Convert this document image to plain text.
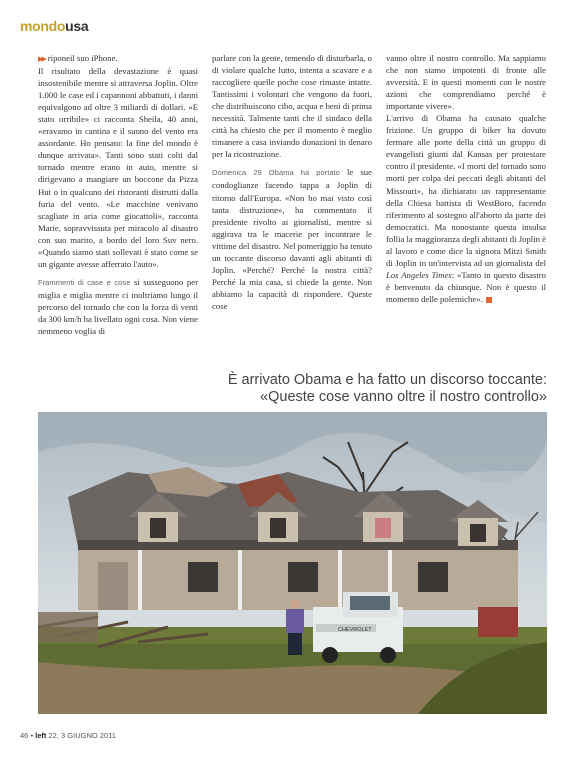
mondousa

▶▶ riponeil suo iPhone.
Il risultato della devastazione è quasi insostenibile mentre si attraversa Joplin. Oltre 1.000 le case ed i capannoni abbattuti, i danni equivalgono ad oltre 3 miliardi di dollari. «E stato orribile» ci racconta Sheila, 40 anni, «eravamo in cantina e il suono del vento era assordante. Ho pensato: la fine del mondo è dunque arrivata». Tanti sono stati colti dal tornado mentre erano in auto, mentre si dirigevano a mangiare un boccone da Pizza Hut o in qualcuno dei ristoranti distrutti dalla furia del vento. «Le macchine venivano scagliate in aria come giocattoli», racconta Marie, sopravvissuta per miracolo al disastro con suo marito, a bordo del loro Suv nero. «Quando siamo stati sollevati è stato come se un gigante avesse afferrato l'auto».

Frammenti di case e cose si susseguono per miglia e miglia mentre ci inoltriamo lungo il percorso del tornado che con la forza di venti da 300 km/h ha livellato ogni cosa. Non viene nemmeno voglia di

parlare con la gente, temendo di disturbarla, o di violare qualche lutto, intenta a scavare e a raccogliere quelle poche cose rimaste intatte. Tantissimi i volontari che vengono da fuori, che distribuiscono cibo, acqua e beni di prima necessità. Talmente tanti che il sindaco della città ha chiesto che per il momento è meglio rimanere a casa inviando donazioni in denaro per la ricostruzione.

Domenica 29 Obama ha portato le sue condoglianze facendo tappa a Joplin di ritorno dall'Europa. «Non ho mai visto così tanta distruzione», ha commentato il presidente rivolto ai giornalisti, mentre si aggirava tra le macerie per incontrare le vittime del disastro. Nel pomeriggio ha tenuto un toccante discorso davanti agli abitanti di Joplin. «Perché? Perché la nostra città? Perché la mia casa, si chiede la gente. Non abbiamo la capacità di rispondere. Queste cose

vanno oltre il nostro controllo. Ma sappiamo che non siamo impotenti di fronte alle avversità. E in questi momenti con le nostre azioni che comprendiamo perché è importante vivere».
L'arrivo di Obama ha causato qualche frizione. Un gruppo di biker ha dovuto fermare alle porte della città un gruppo di evangelisti giunti dal Kansas per protestare contro il presidente. «I morti del tornado sono morti per colpa dei peccati degli abitanti del Missouri», ha dichiarato un rappresentante della Chiesa battista di WestBoro, facendo riferimento al sostegno all'aborto da parte dei democratici. Ma nonostante questa insulsa follia la maggioranza degli abitanti di Joplin è al lavoro e come dice la signora Mitzi Smith di Joplin in un'intervista ad un giornalista del Los Angeles Times: «Tanto in questo disastro è benvenuto da chiunque. Non è questo il momento delle polemiche».

È arrivato Obama e ha fatto un discorso toccante:
«Queste cose vanno oltre il nostro controllo»
CHEVROLET
46 • left 22, 3 GIUGNO 2011
